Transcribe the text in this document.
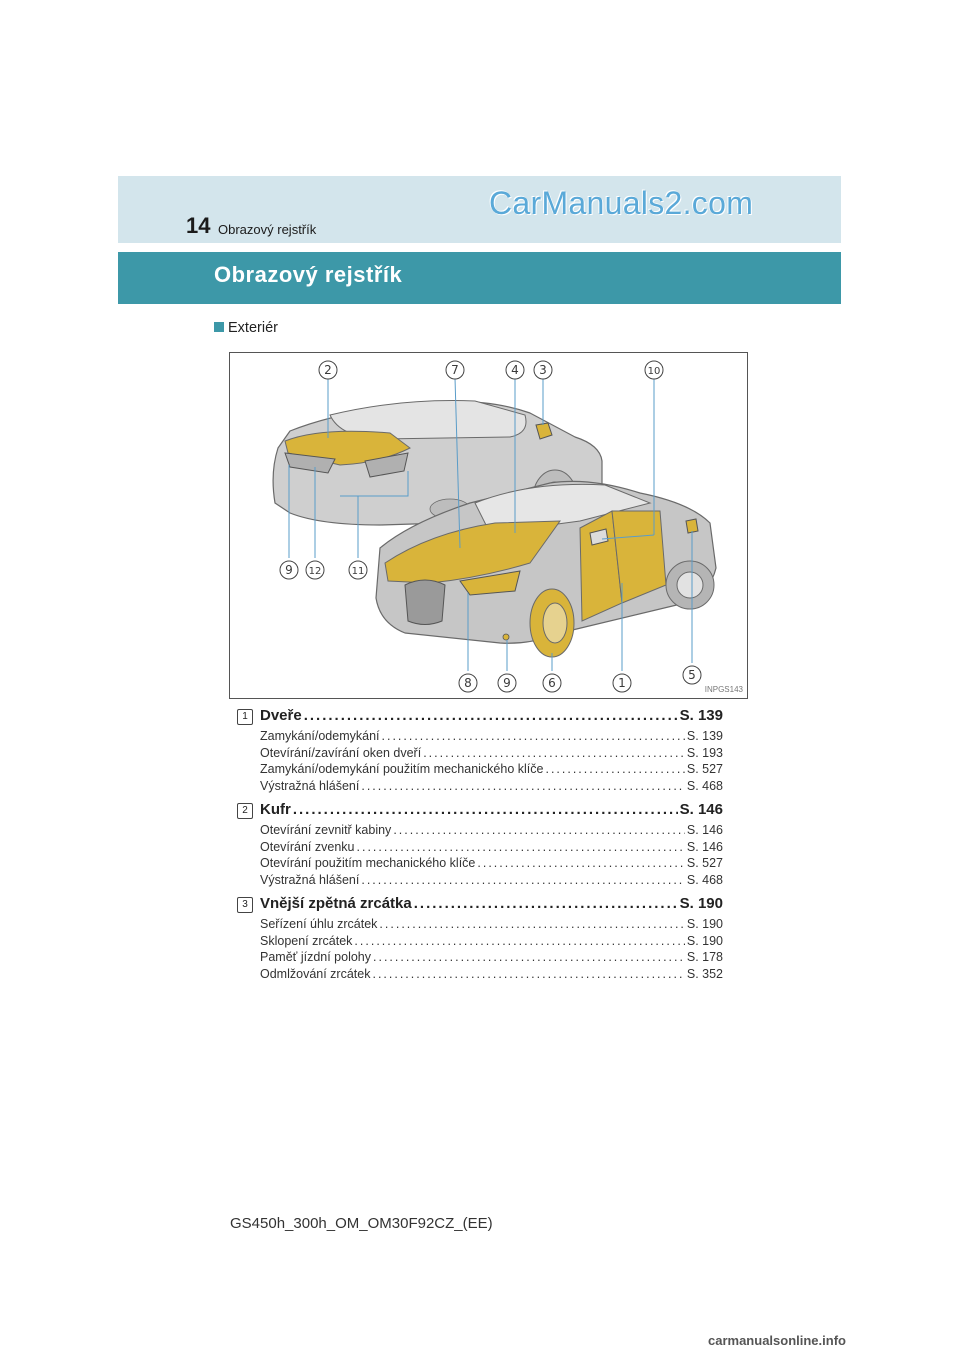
14 Obrazový rejstřík
CarManuals2.com
Obrazový rejstřík
Exteriér
2	7	4 3	10
9 12	11
8	9	6	1
5
INPGS143
1 Dveře .....	S. 139
Zamykání/odemykání .....	S. 139
Otevírání/zavírání oken dveří .....	S. 193
Zamykání/odemykání použitím mechanického klíče .....	S. 527
Výstražná hlášení .....	S. 468
2 Kufr .....	S. 146
Otevírání zevnitř kabiny .....	S. 146
Otevírání zvenku .....	S. 146
Otevírání použitím mechanického klíče .....	S. 527
Výstražná hlášení .....	S. 468
3 Vnější zpětná zrcátka .....	S. 190
Seřízení úhlu zrcátek .....	S. 190
Sklopení zrcátek .....	S. 190
Paměť jízdní polohy .....	S. 178
Odmlžování zrcátek .....	S. 352
GS450h_300h_OM_OM30F92CZ_(EE)
carmanualsonline.info
